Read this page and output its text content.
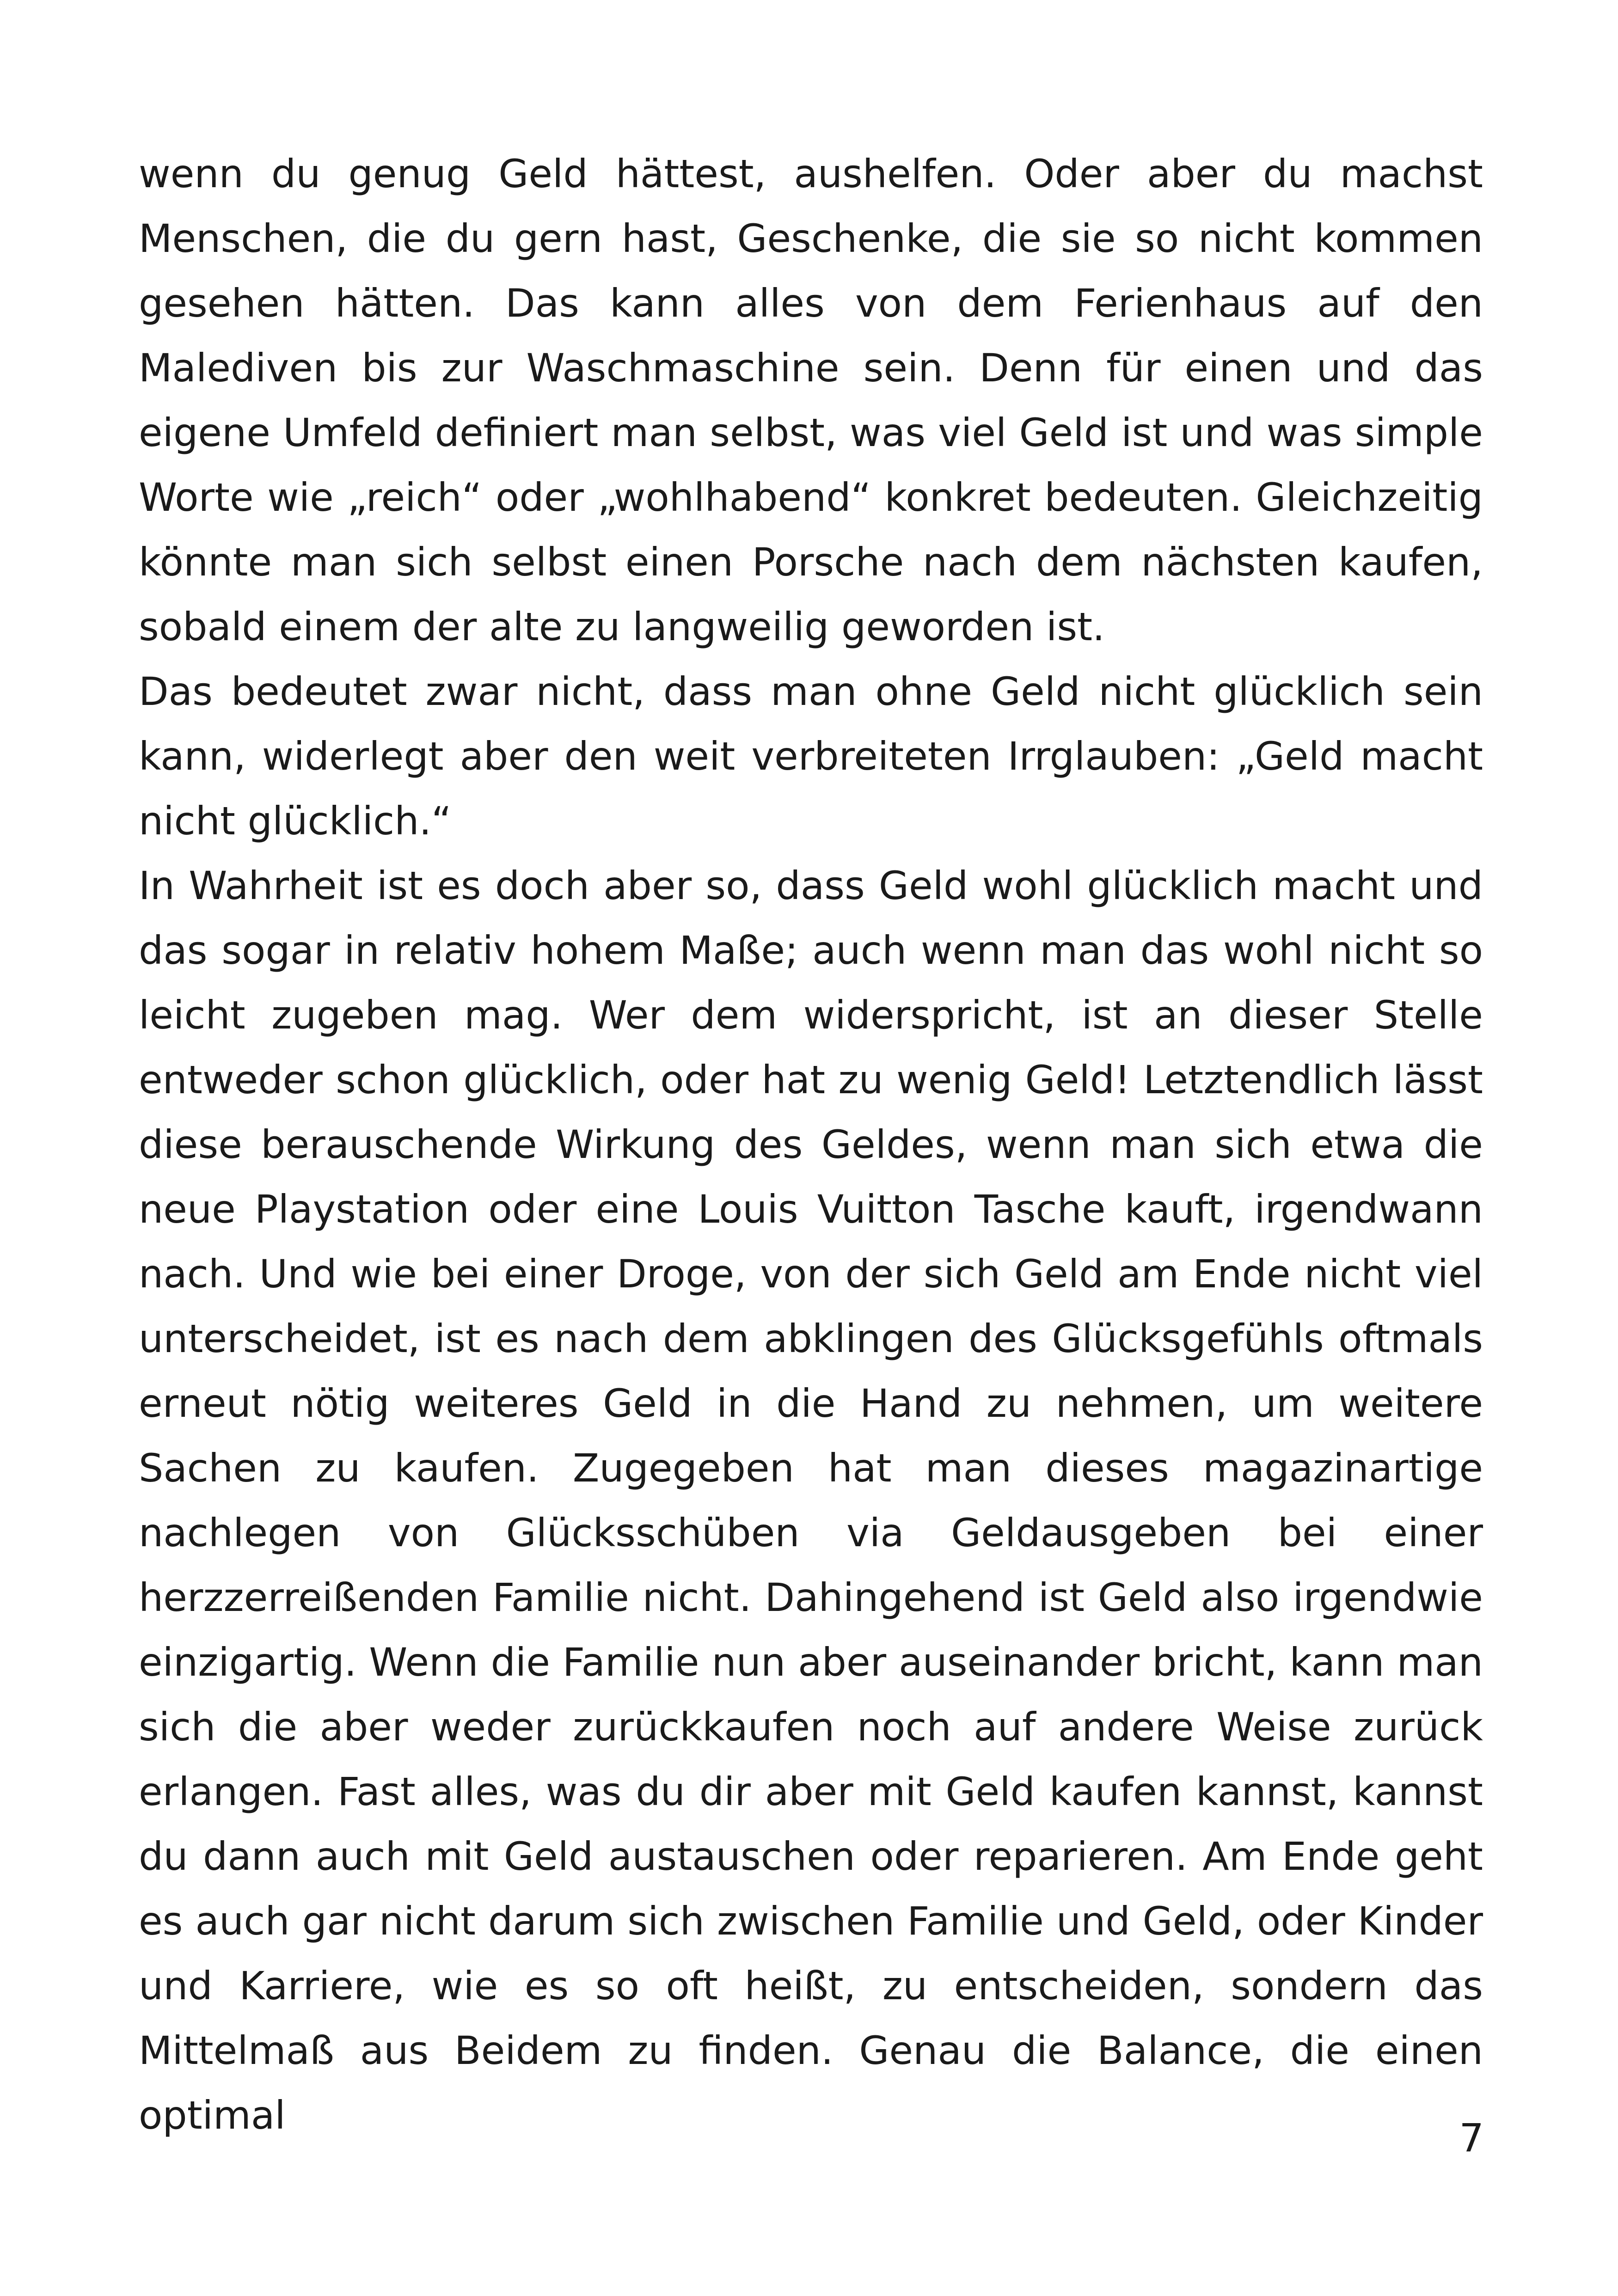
wenn du genug Geld hättest, aushelfen. Oder aber du machst Menschen, die du gern hast, Geschenke, die sie so nicht kommen gesehen hätten. Das kann alles von dem Ferienhaus auf den Malediven bis zur Waschmaschine sein. Denn für einen und das eigene Umfeld definiert man selbst, was viel Geld ist und was simple Worte wie „reich“ oder „wohlhabend“ konkret bedeuten. Gleichzeitig könnte man sich selbst einen Porsche nach dem nächsten kaufen, sobald einem der alte zu langweilig geworden ist.

Das bedeutet zwar nicht, dass man ohne Geld nicht glücklich sein kann, widerlegt aber den weit verbreiteten Irrglauben: „Geld macht nicht glücklich.“

In Wahrheit ist es doch aber so, dass Geld wohl glücklich macht und das sogar in relativ hohem Maße; auch wenn man das wohl nicht so leicht zugeben mag. Wer dem widerspricht, ist an dieser Stelle entweder schon glücklich, oder hat zu wenig Geld! Letztendlich lässt diese berauschende Wirkung des Geldes, wenn man sich etwa die neue Playstation oder eine Louis Vuitton Tasche kauft, irgendwann nach. Und wie bei einer Droge, von der sich Geld am Ende nicht viel unterscheidet, ist es nach dem abklingen des Glücksgefühls oftmals erneut nötig weiteres Geld in die Hand zu nehmen, um weitere Sachen zu kaufen. Zugegeben hat man dieses magazinartige nachlegen von Glücksschüben via Geldausgeben bei einer herzzerreißenden Familie nicht. Dahingehend ist Geld also irgendwie einzigartig. Wenn die Familie nun aber auseinander bricht, kann man sich die aber weder zurückkaufen noch auf andere Weise zurück erlangen. Fast alles, was du dir aber mit Geld kaufen kannst, kannst du dann auch mit Geld austauschen oder reparieren. Am Ende geht es auch gar nicht darum sich zwischen Familie und Geld, oder Kinder und Karriere, wie es so oft heißt, zu entscheiden, sondern das Mittelmaß aus Beidem zu finden. Genau die Balance, die einen optimal	7
